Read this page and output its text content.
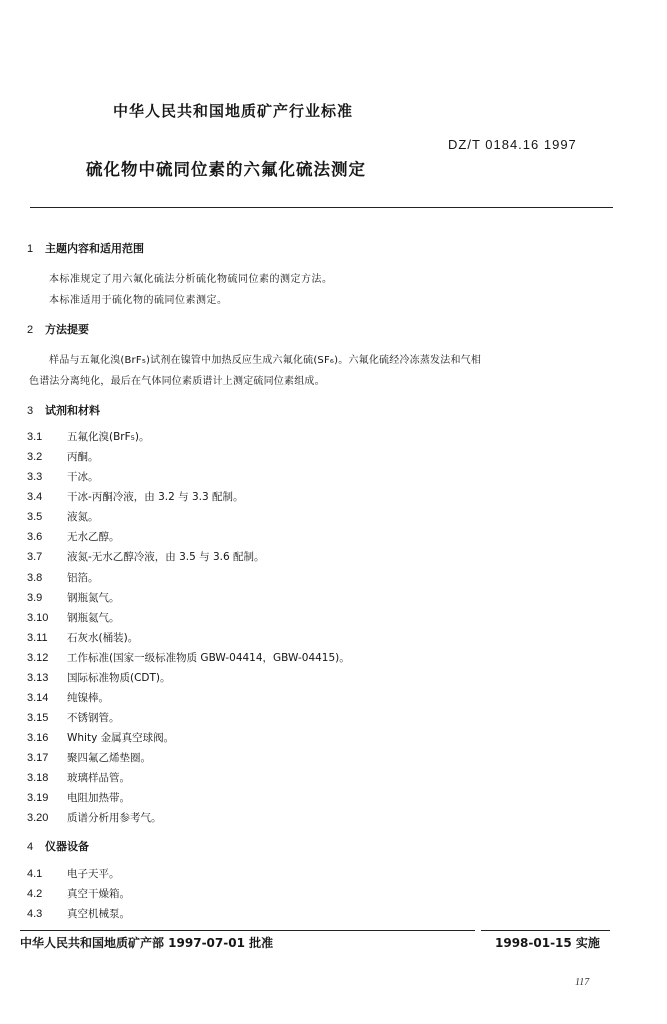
中华人民共和国地质矿产行业标准
DZ/T 0184.16 1997
硫化物中硫同位素的六氟化硫法测定
1 主题内容和适用范围
本标准规定了用六氟化硫法分析硫化物硫同位素的测定方法。
本标准适用于硫化物的硫同位素测定。
2 方法提要
样品与五氟化溴(BrF₅)试剂在镍管中加热反应生成六氟化硫(SF₆)。六氟化硫经冷冻蒸发法和气相
色谱法分离纯化，最后在气体同位素质谱计上测定硫同位素组成。
3 试剂和材料
3.1 五氟化溴(BrF₅)。
3.2 丙酮。
3.3 干冰。
3.4 干冰-丙酮冷液，由 3.2 与 3.3 配制。
3.5 液氮。
3.6 无水乙醇。
3.7 液氮-无水乙醇冷液，由 3.5 与 3.6 配制。
3.8 铝箔。
3.9 钢瓶氮气。
3.10 钢瓶氦气。
3.11 石灰水(桶装)。
3.12 工作标准(国家一级标准物质 GBW-04414，GBW-04415)。
3.13 国际标准物质(CDT)。
3.14 纯镍棒。
3.15 不锈钢管。
3.16 Whity 金属真空球阀。
3.17 聚四氟乙烯垫圈。
3.18 玻璃样品管。
3.19 电阻加热带。
3.20 质谱分析用参考气。
4 仪器设备
4.1 电子天平。
4.2 真空干燥箱。
4.3 真空机械泵。
中华人民共和国地质矿产部 1997-07-01 批准	1998-01-15 实施
117
